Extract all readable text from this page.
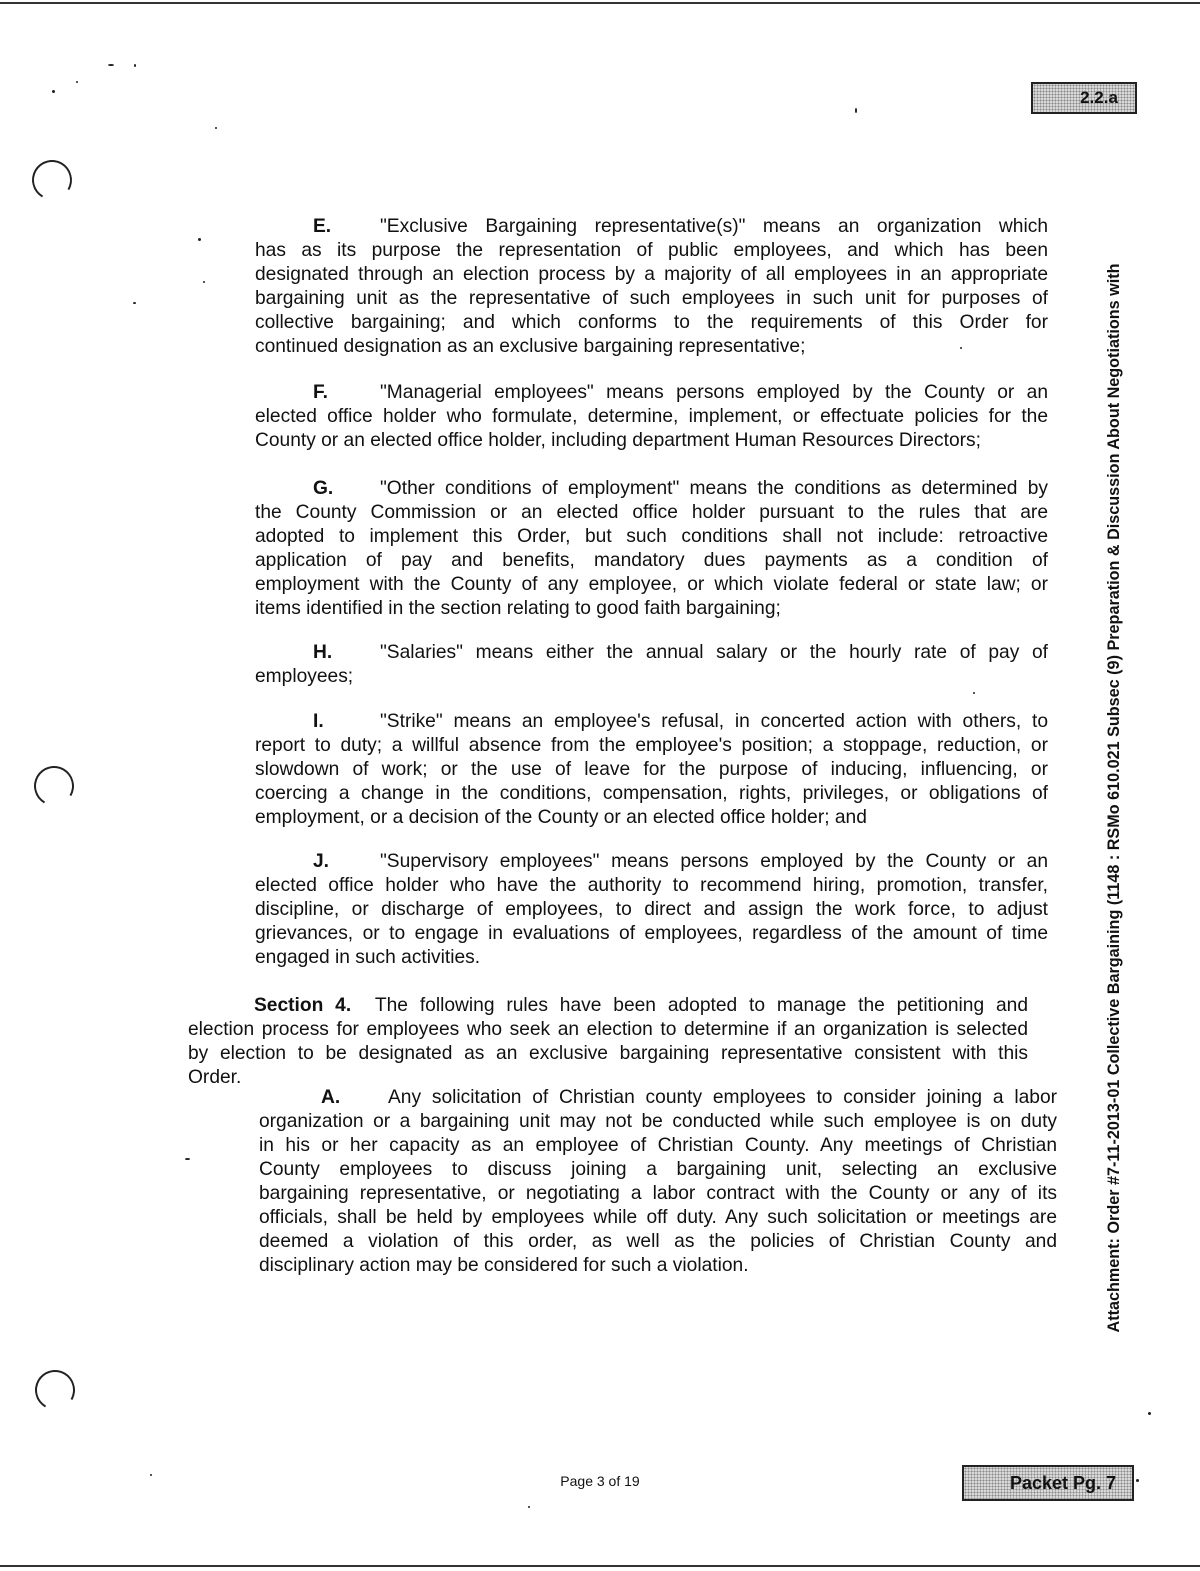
2.2.a
Attachment: Order #7-11-2013-01 Collective Bargaining (1148 : RSMo 610.021 Subsec (9) Preparation & Discussion About Negotiations with
E.	"Exclusive Bargaining representative(s)" means an organization which
has as its purpose the representation of public employees, and which has been
designated through an election process by a majority of all employees in an appropriate
bargaining unit as the representative of such employees in such unit for purposes of
collective bargaining; and which conforms to the requirements of this Order for
continued designation as an exclusive bargaining representative;
F.	"Managerial employees" means persons employed by the County or an
elected office holder who formulate, determine, implement, or effectuate policies for the
County or an elected office holder, including department Human Resources Directors;
G. "Other conditions of employment" means the conditions as determined by
the County Commission or an elected office holder pursuant to the rules that are
adopted to implement this Order, but such conditions shall not include: retroactive
application of pay and benefits, mandatory dues payments as a condition of
employment with the County of any employee, or which violate federal or state law; or
items identified in the section relating to good faith bargaining;
H. "Salaries" means either the annual salary or the hourly rate of pay of
employees;
I.	"Strike" means an employee's refusal, in concerted action with others, to
report to duty; a willful absence from the employee's position; a stoppage, reduction, or
slowdown of work; or the use of leave for the purpose of inducing, influencing, or
coercing a change in the conditions, compensation, rights, privileges, or obligations of
employment, or a decision of the County or an elected office holder; and
J.	"Supervisory employees" means persons employed by the County or an
elected office holder who have the authority to recommend hiring, promotion, transfer,
discipline, or discharge of employees, to direct and assign the work force, to adjust
grievances, or to engage in evaluations of employees, regardless of the amount of time
engaged in such activities.
Section 4. The following rules have been adopted to manage the petitioning and
election process for employees who seek an election to determine if an organization is selected
by election to be designated as an exclusive bargaining representative consistent with this
Order.
A. Any solicitation of Christian county employees to consider joining a labor
organization or a bargaining unit may not be conducted while such employee is on duty
in his or her capacity as an employee of Christian County. Any meetings of Christian
County employees to discuss joining a bargaining unit, selecting an exclusive
bargaining representative, or negotiating a labor contract with the County or any of its
officials, shall be held by employees while off duty. Any such solicitation or meetings are
deemed a violation of this order, as well as the policies of Christian County and
disciplinary action may be considered for such a violation.
Page 3 of 19	Packet Pg. 7
